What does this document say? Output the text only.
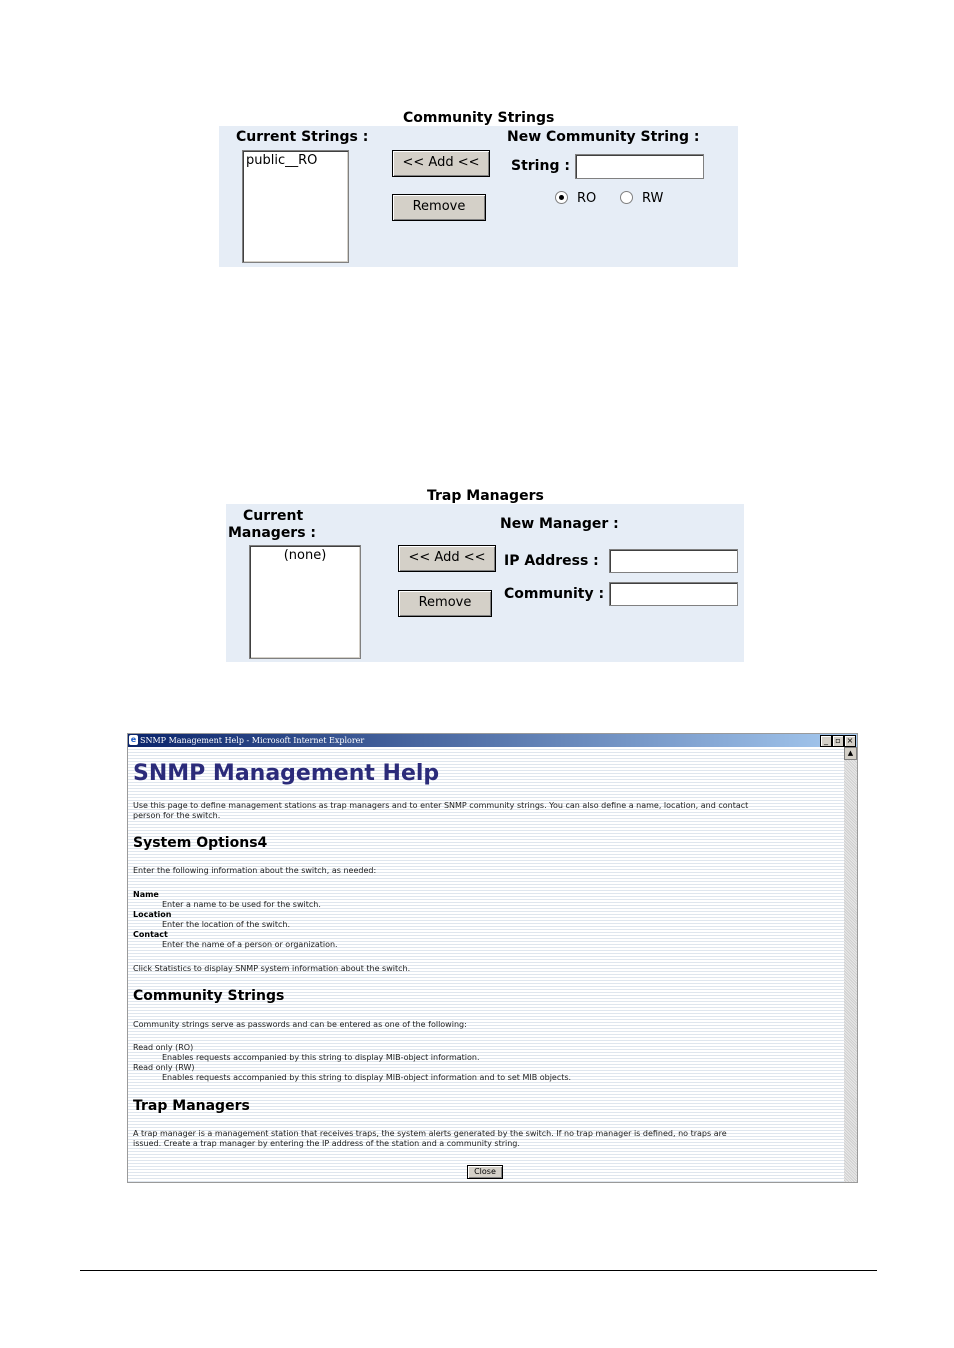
Community Strings
Current Strings :
public__RO	<< Add <<
Remove
New Community String :
String :
RO	RW
Trap Managers
Current
Managers :
(none)	<< Add <<
Remove
New Manager :
IP Address :
Community :
e SNMP Management Help - Microsoft Internet Explorer	_ ▫ ×
SNMP Management Help
Use this page to define management stations as trap managers and to enter SNMP community strings. You can also define a name, location, and contact
person for the switch.
System Options4
Enter the following information about the switch, as needed:
Name
Enter a name to be used for the switch.
Location
Enter the location of the switch.
Contact
Enter the name of a person or organization.
Click Statistics to display SNMP system information about the switch.
Community Strings
Community strings serve as passwords and can be entered as one of the following:
Read only (RO)
Enables requests accompanied by this string to display MIB-object information.
Read only (RW)
Enables requests accompanied by this string to display MIB-object information and to set MIB objects.
Trap Managers
A trap manager is a management station that receives traps, the system alerts generated by the switch. If no trap manager is defined, no traps are
issued. Create a trap manager by entering the IP address of the station and a community string.
▲
Close
